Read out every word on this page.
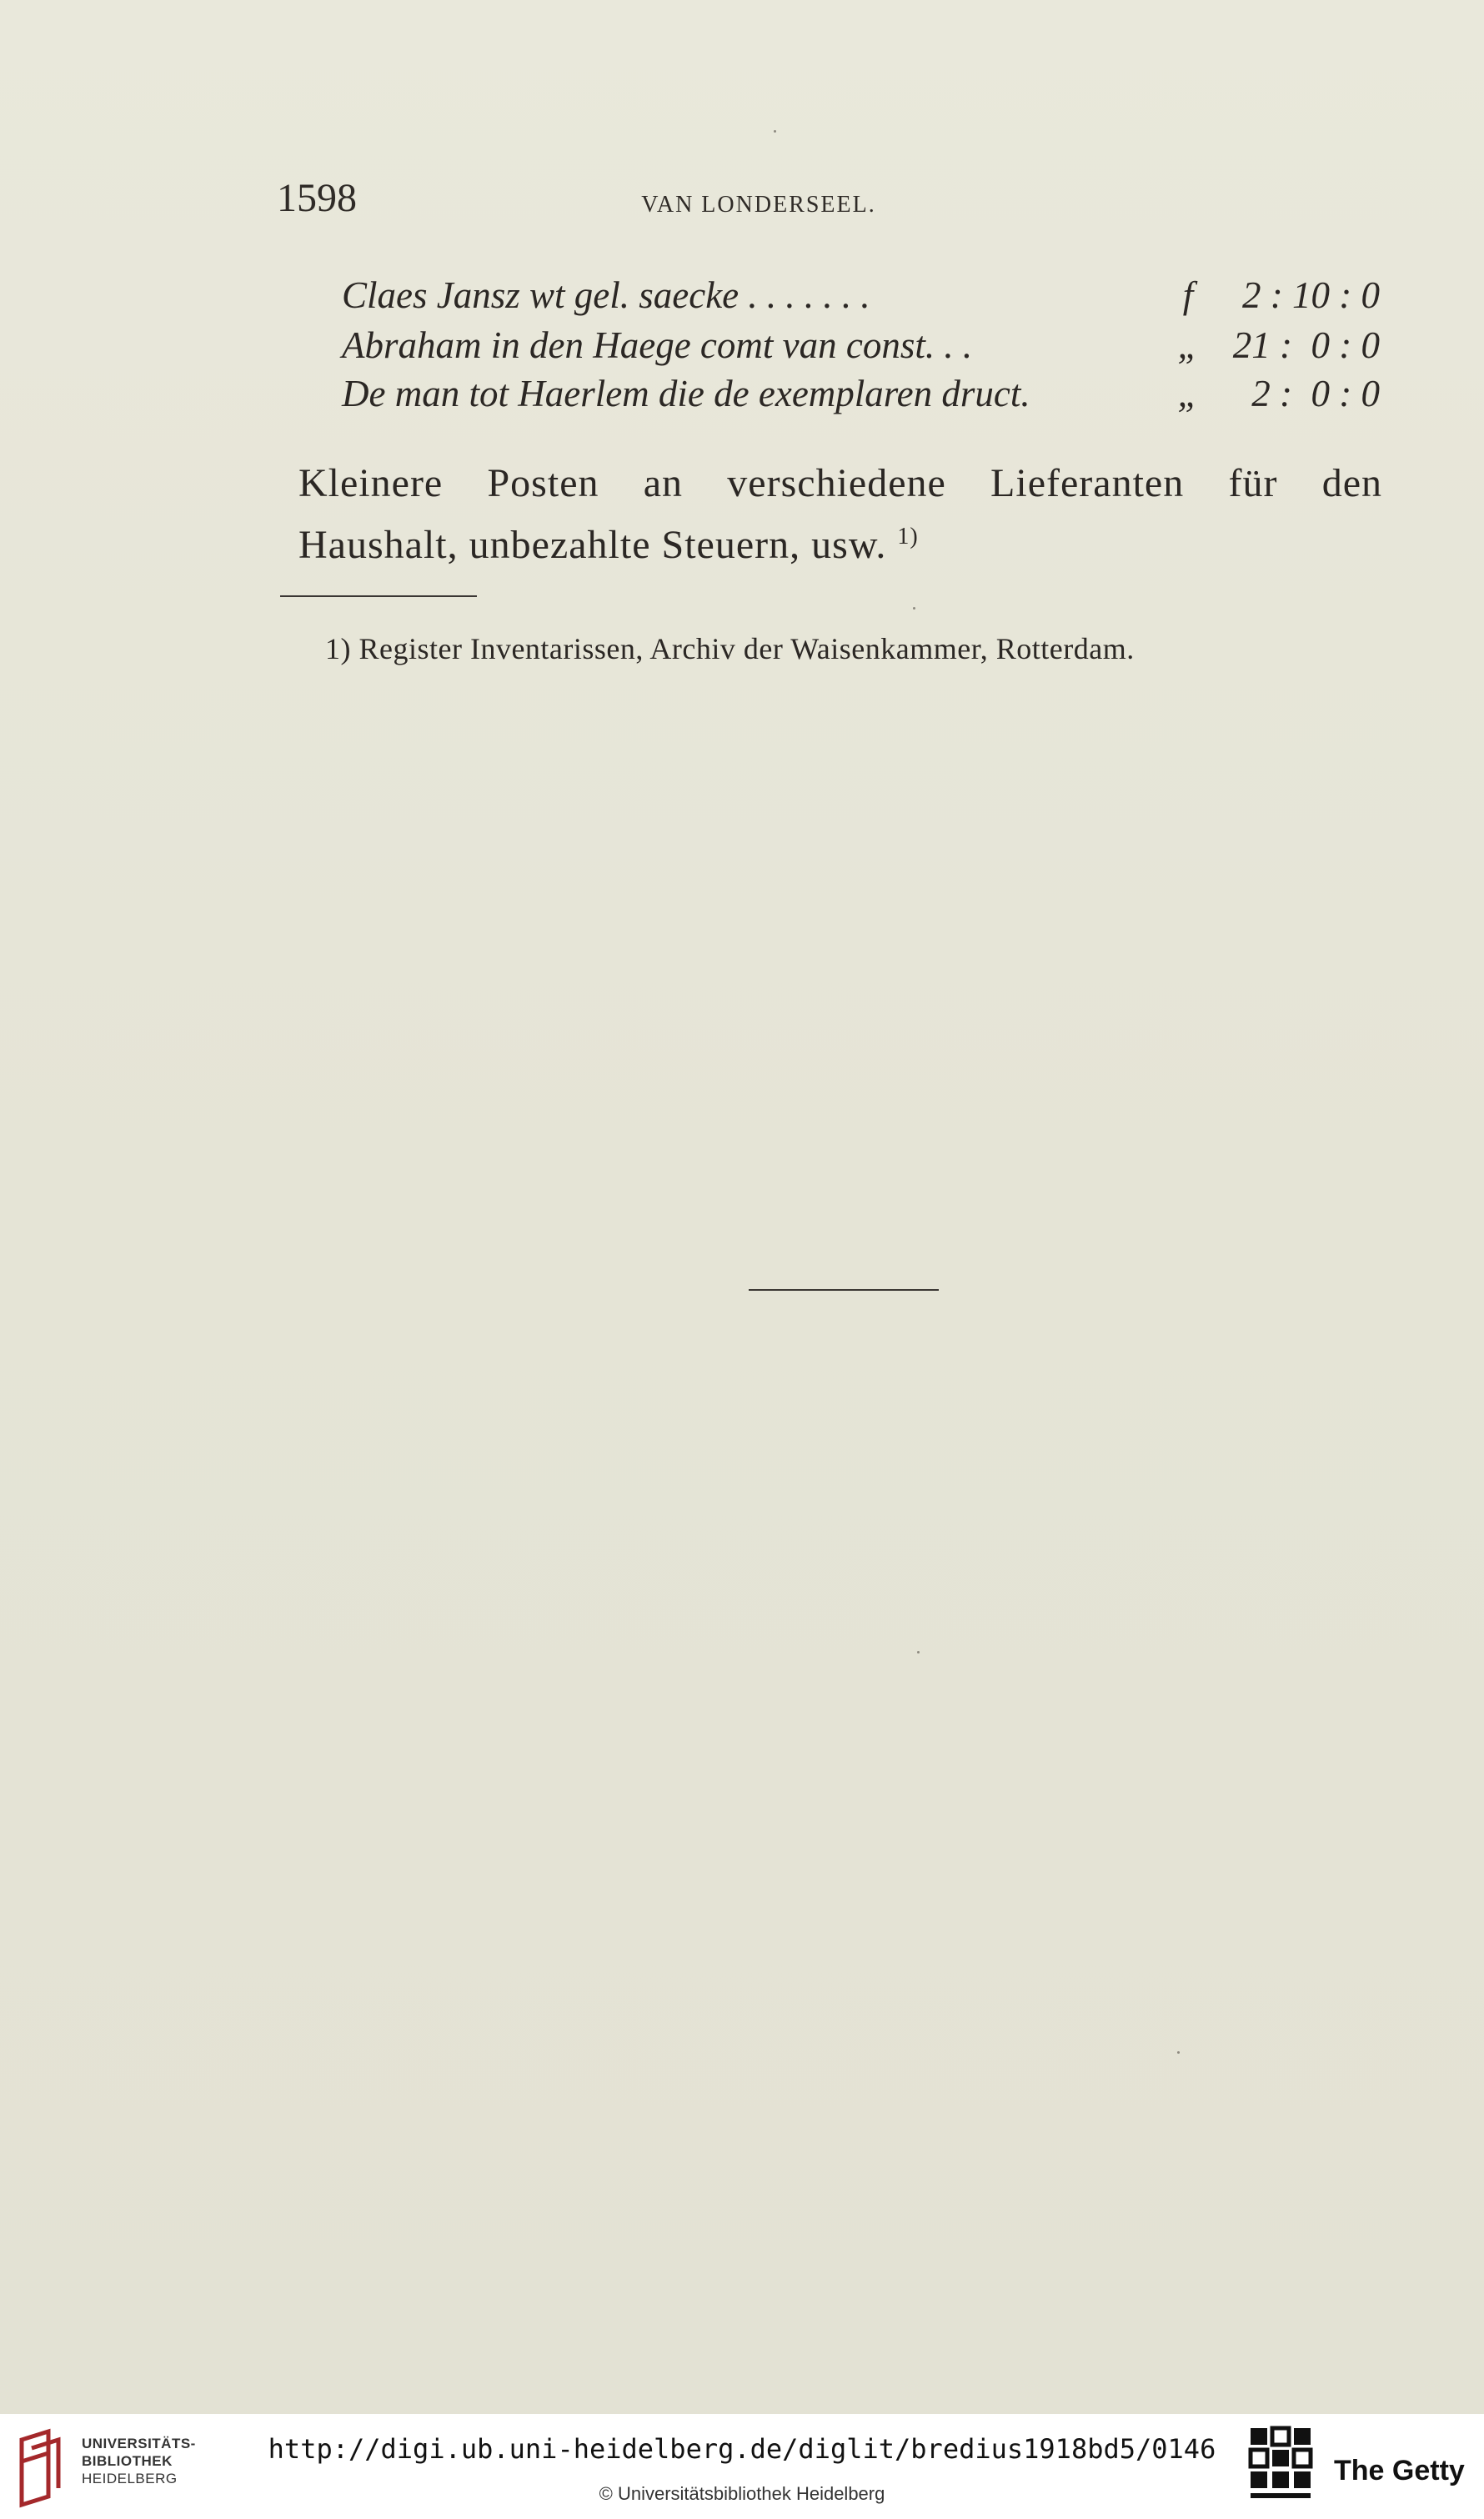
1598	VAN LONDERSEEL.
Claes Jansz wt gel. saecke . . . . . . .	f	2 : 10 : 0
Abraham in den Haege comt van const. . .	„ 21 :  0 : 0
De man tot Haerlem die de exemplaren druct.	„ 2 :  0 : 0
Kleinere Posten an verschiedene Lieferanten für den
Haushalt, unbezahlte Steuern, usw. $^{1)}$
1) Register Inventarissen, Archiv der Waisenkammer, Rotterdam.
UNIVERSITÄTS-
BIBLIOTHEK
HEIDELBERG
http://digi.ub.uni-heidelberg.de/diglit/bredius1918bd5/0146
© Universitätsbibliothek Heidelberg
The Getty
